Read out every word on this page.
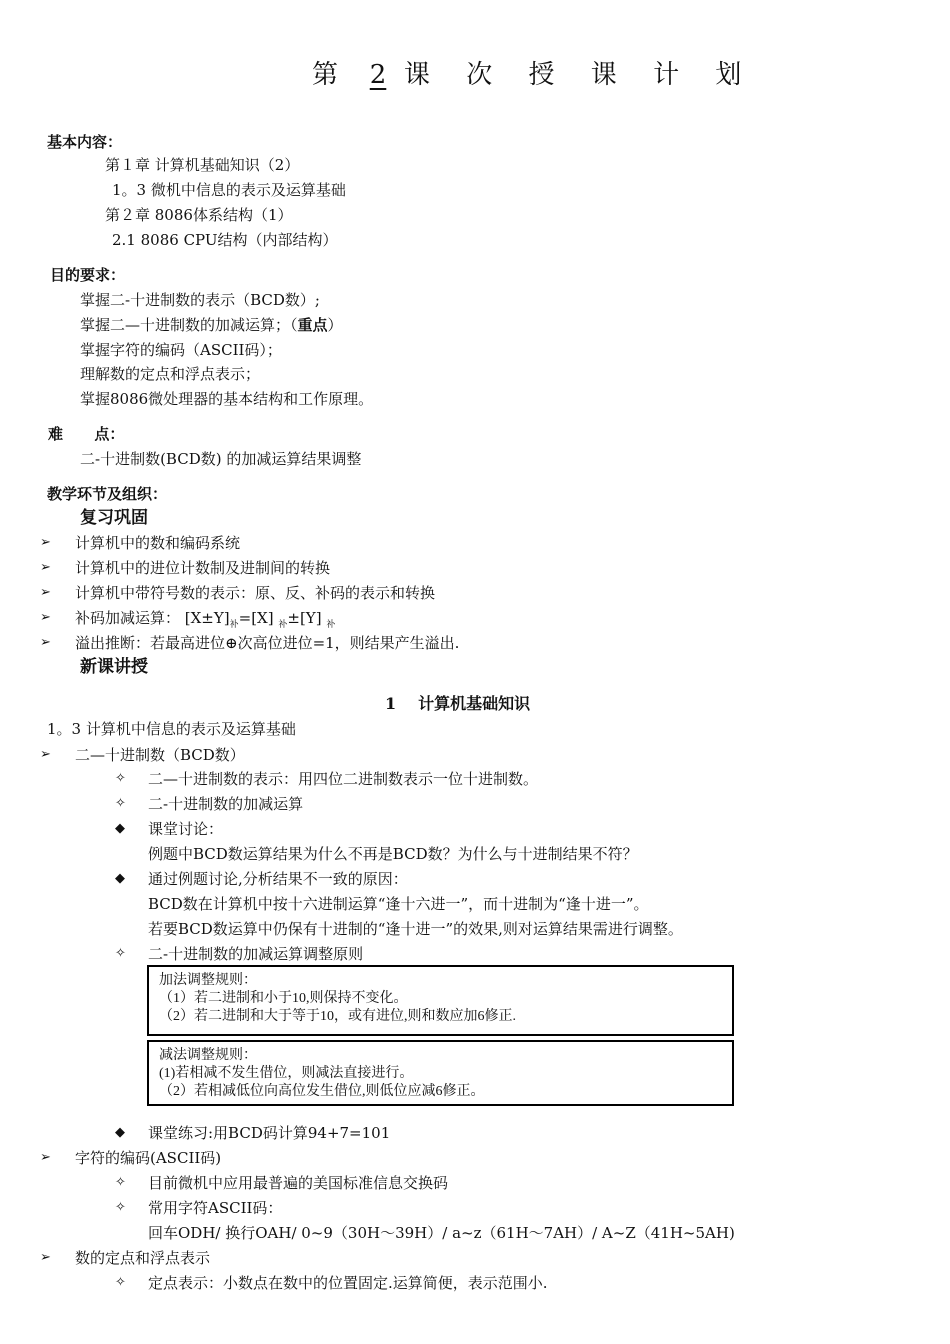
第 2 课 次 授 课 计 划
基本内容：
第１章 计算机基础知识（2）
1。3 微机中信息的表示及运算基础
第２章 8086体系结构（1）
2.1 8086 CPU结构（内部结构）
目的要求：
掌握二-十进制数的表示（BCD数）;
掌握二—十进制数的加减运算；（重点）
掌握字符的编码（ASCII码）；
理解数的定点和浮点表示；
掌握8086微处理器的基本结构和工作原理。
难      点：
二-十进制数(BCD数) 的加减运算结果调整
教学环节及组织：
复习巩固
➢ 计算机中的数和编码系统
➢ 计算机中的进位计数制及进制间的转换
➢ 计算机中带符号数的表示：原、反、补码的表示和转换
➢ 补码加减运算： $[X\pm Y]_补=[X]$ $_补$±[Y] $_补$
➢ 溢出推断：若最高进位⊕次高位进位=1，则结果产生溢出.
新课讲授
1 计算机基础知识
1。3 计算机中信息的表示及运算基础
➢ 二—十进制数（BCD数）
✧ 二—十进制数的表示：用四位二进制数表示一位十进制数。
✧ 二-十进制数的加减运算
◆ 课堂讨论：
例题中BCD数运算结果为什么不再是BCD数？为什么与十进制结果不符？
◆ 通过例题讨论,分析结果不一致的原因：
BCD数在计算机中按十六进制运算“逢十六进一”，而十进制为“逢十进一”。
若要BCD数运算中仍保有十进制的“逢十进一”的效果,则对运算结果需进行调整。
✧ 二-十进制数的加减运算调整原则
加法调整规则：
（1）若二进制和小于10,则保持不变化。
（2）若二进制和大于等于10，或有进位,则和数应加6修正.
减法调整规则：
(1)若相减不发生借位，则减法直接进行。
（2）若相减低位向高位发生借位,则低位应减6修正。
◆ 课堂练习:用BCD码计算94+7=101
➢ 字符的编码(ASCII码)
✧ 目前微机中应用最普遍的美国标准信息交换码
✧ 常用字符ASCII码：
回车ODH/ 换行OAH/ 0~9（30H～39H）/ a~z（61H～7AH）/ A~Z（41H~5AH)
➢ 数的定点和浮点表示
✧ 定点表示：小数点在数中的位置固定.运算简便，表示范围小.
